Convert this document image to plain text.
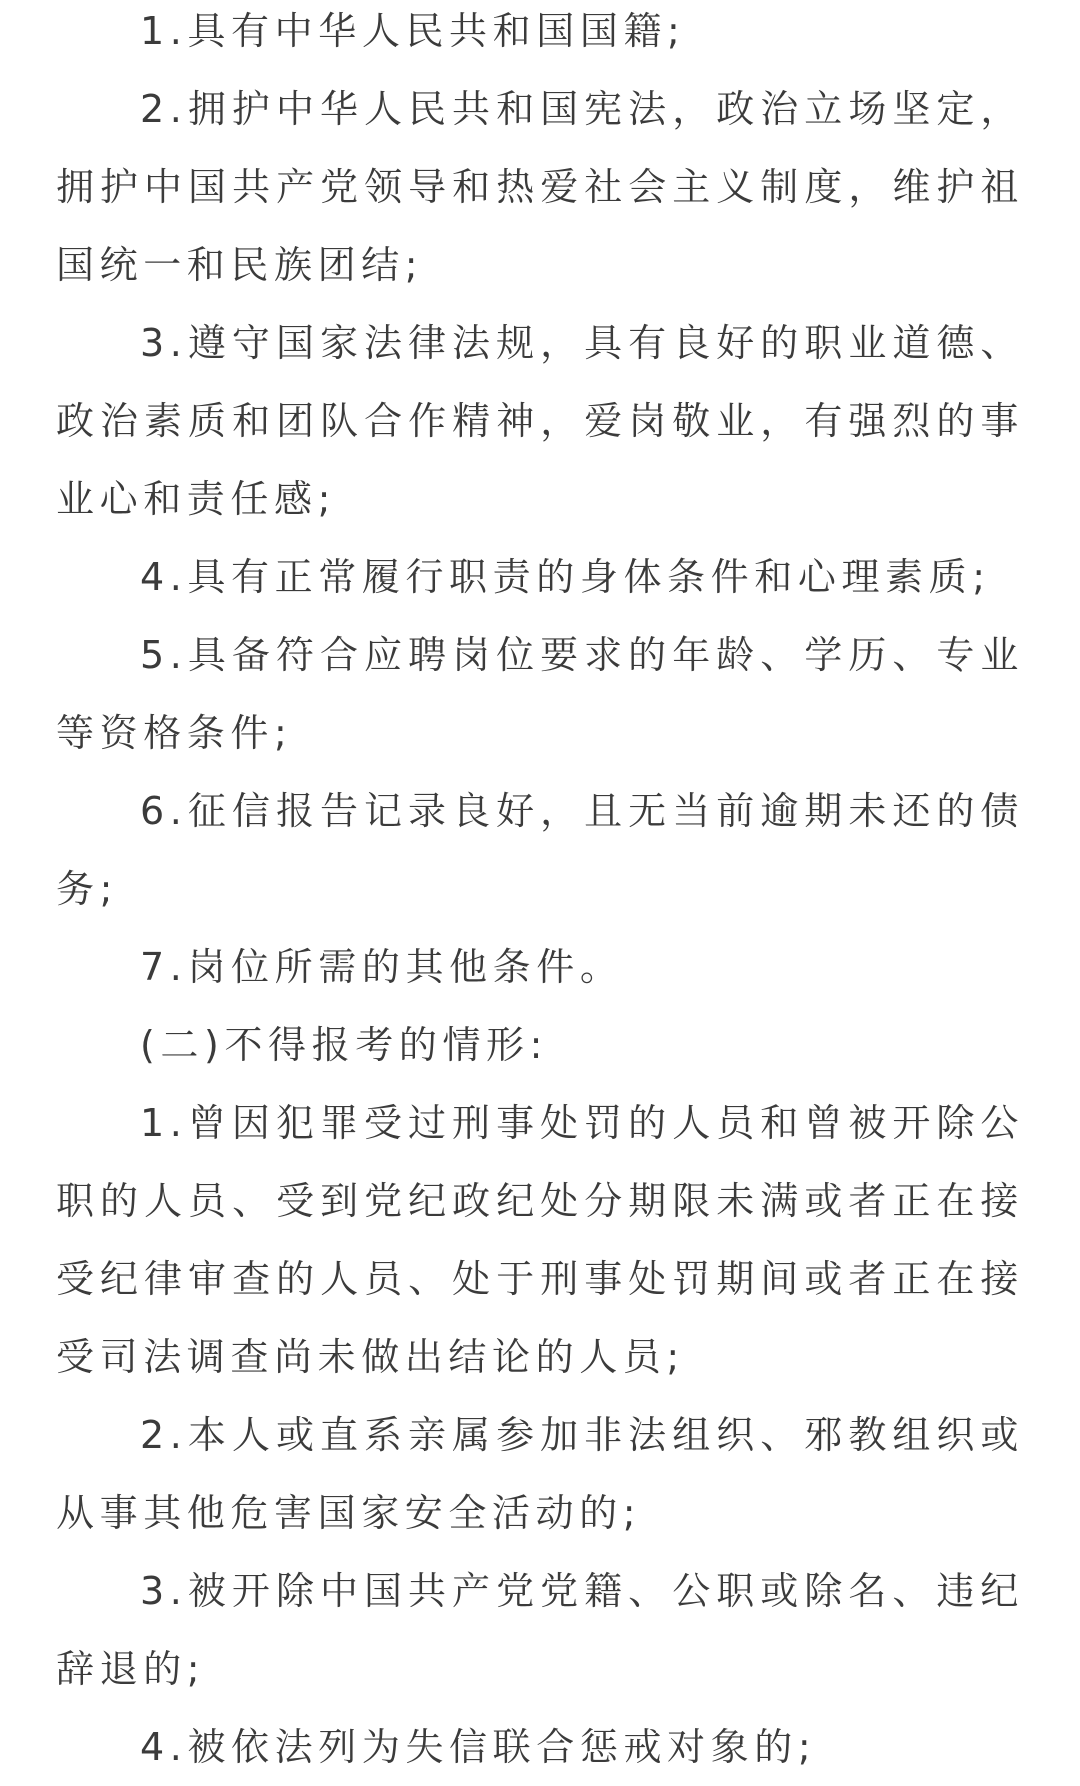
1.具有中华人民共和国国籍;

2.拥护中华人民共和国宪法，政治立场坚定，拥护中国共产党领导和热爱社会主义制度，维护祖国统一和民族团结;

3.遵守国家法律法规，具有良好的职业道德、政治素质和团队合作精神，爱岗敬业，有强烈的事业心和责任感;

4.具有正常履行职责的身体条件和心理素质;

5.具备符合应聘岗位要求的年龄、学历、专业等资格条件;

6.征信报告记录良好，且无当前逾期未还的债务;

7.岗位所需的其他条件。

(二)不得报考的情形:

1.曾因犯罪受过刑事处罚的人员和曾被开除公职的人员、受到党纪政纪处分期限未满或者正在接受纪律审查的人员、处于刑事处罚期间或者正在接受司法调查尚未做出结论的人员;

2.本人或直系亲属参加非法组织、邪教组织或从事其他危害国家安全活动的;

3.被开除中国共产党党籍、公职或除名、违纪辞退的;

4.被依法列为失信联合惩戒对象的;
